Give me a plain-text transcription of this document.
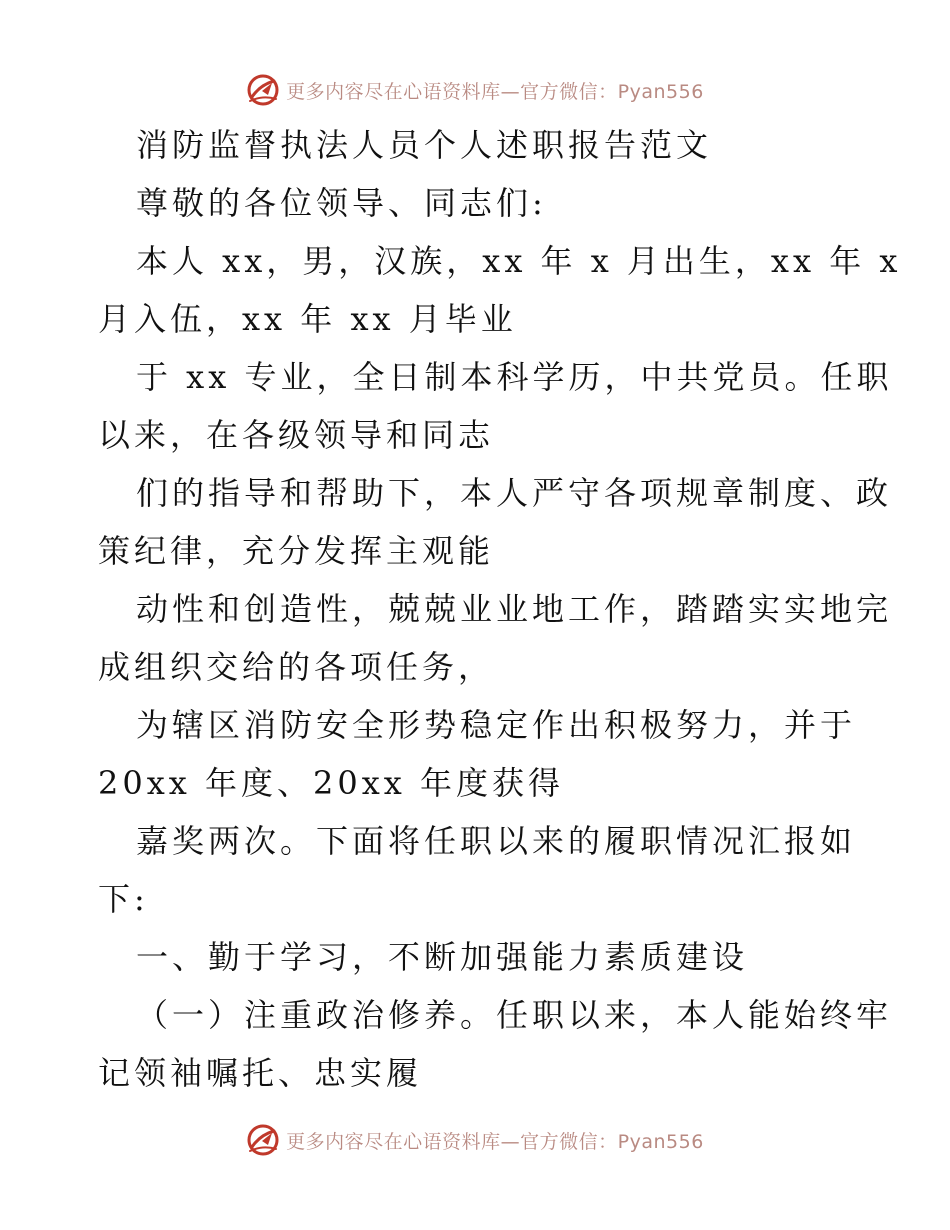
更多内容尽在心语资料库—官方微信：Pyan556
消防监督执法人员个人述职报告范文
尊敬的各位领导、同志们:
本人 xx，男，汉族，xx 年 x 月出生，xx 年 x
月入伍，xx 年 xx 月毕业
于 xx 专业，全日制本科学历，中共党员。任职
以来，在各级领导和同志
们的指导和帮助下，本人严守各项规章制度、政
策纪律，充分发挥主观能
动性和创造性，兢兢业业地工作，踏踏实实地完
成组织交给的各项任务，
为辖区消防安全形势稳定作出积极努力，并于
20xx 年度、20xx 年度获得
嘉奖两次。下面将任职以来的履职情况汇报如
下:
一、勤于学习，不断加强能力素质建设
（一）注重政治修养。任职以来，本人能始终牢
记领袖嘱托、忠实履
更多内容尽在心语资料库—官方微信：Pyan556
